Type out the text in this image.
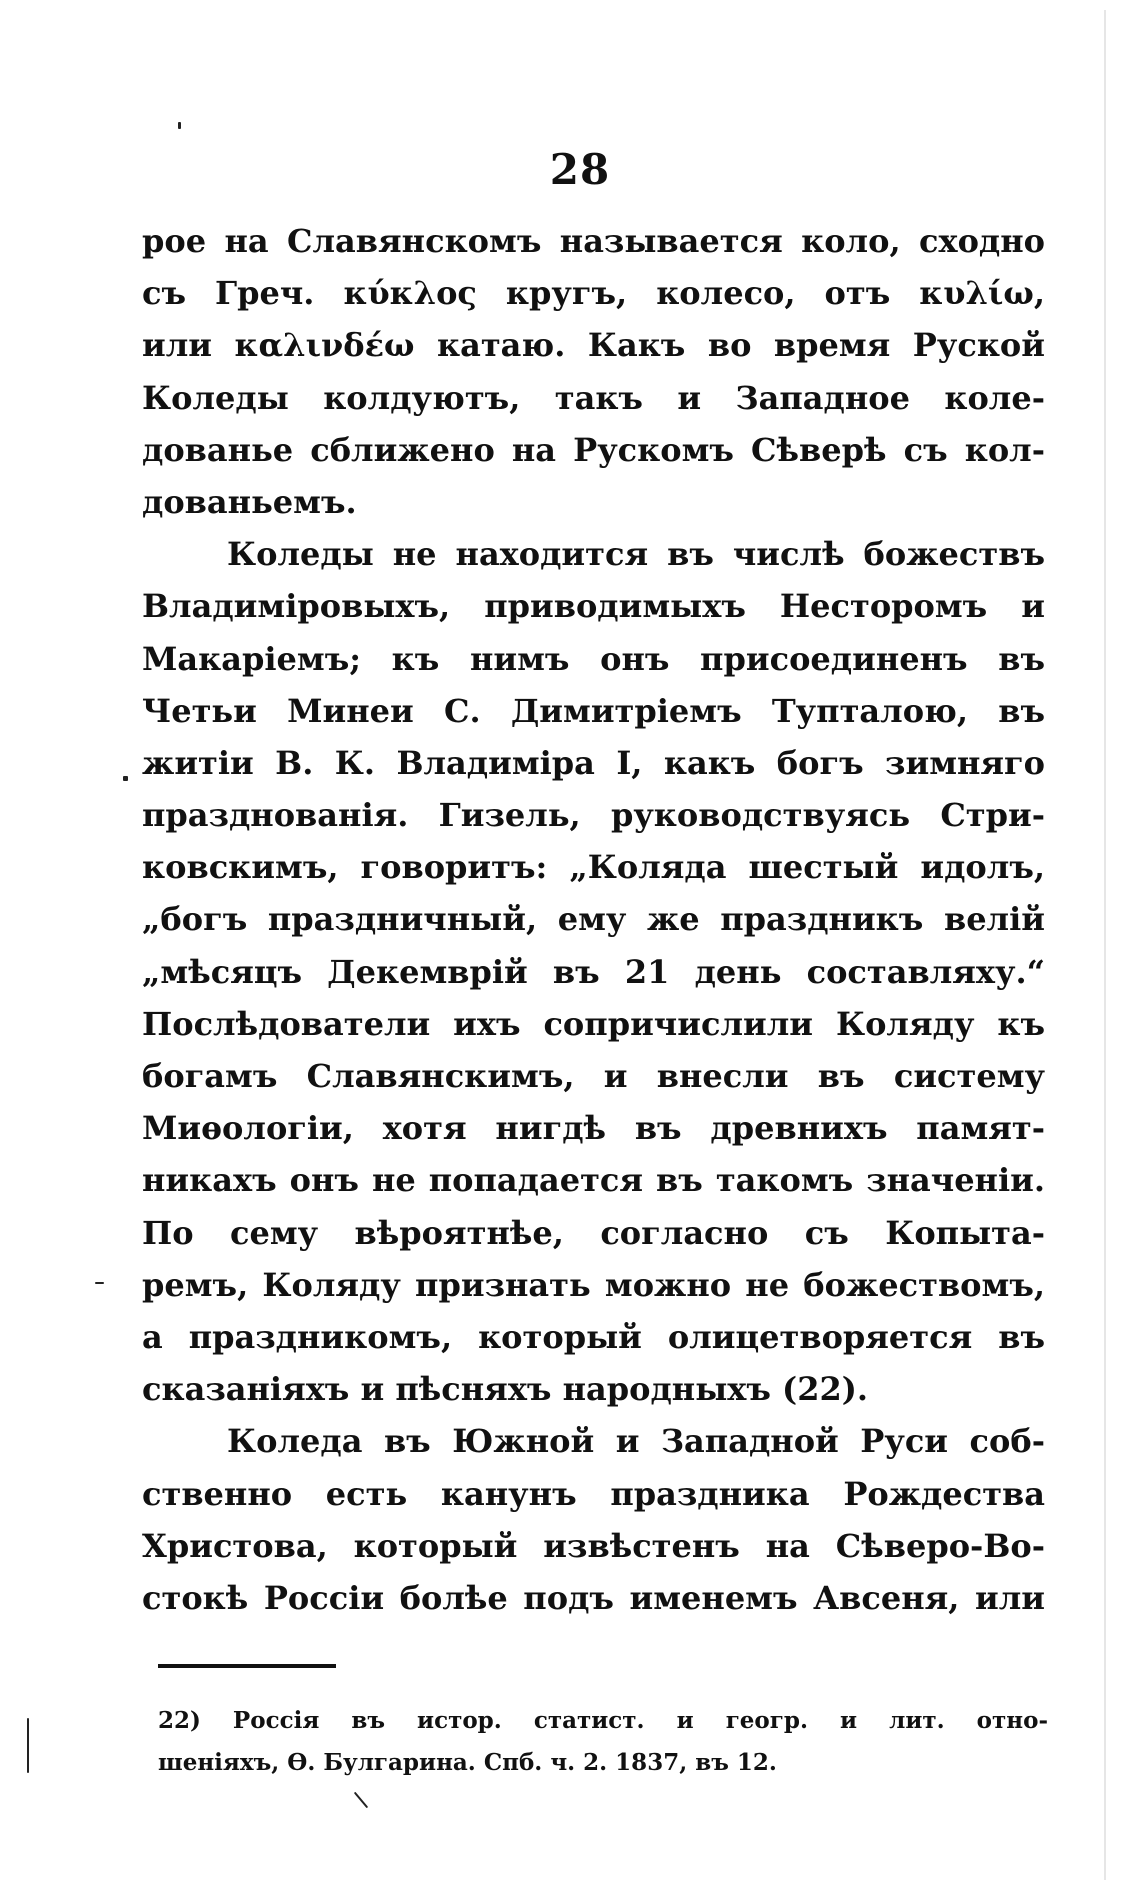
28
рое на Славянскомъ называется коло, сходно
съ Греч. κύκλος кругъ, колесо, отъ κυλίω,
или καλινδέω катаю. Какъ во время Руской
Коледы колдуютъ, такъ и Западное коле-
дованье сближено на Рускомъ Сѣверѣ съ кол-
дованьемъ.
Коледы не находится въ числѣ божествъ
Владиміровыхъ, приводимыхъ Несторомъ и
Макаріемъ; къ нимъ онъ присоединенъ въ
Четьи Минеи С. Димитріемъ Тупталою, въ
житіи В. К. Владиміра I, какъ богъ зимняго
празднованія. Гизель, руководствуясь Стри-
ковскимъ, говоритъ: „Коляда шестый идолъ,
„богъ праздничный, ему же праздникъ велій
„мѣсяцъ Декемврій въ 21 день составляху.“
Послѣдователи ихъ сопричислили Коляду къ
богамъ Славянскимъ, и внесли въ систему
Миѳологіи, хотя нигдѣ въ древнихъ памят-
никахъ онъ не попадается въ такомъ значеніи.
По сему вѣроятнѣе, согласно съ Копыта-
ремъ, Коляду признать можно не божествомъ,
а праздникомъ, который олицетворяется въ
сказаніяхъ и пѣсняхъ народныхъ (22).
Коледа въ Южной и Западной Руси соб-
ственно есть канунъ праздника Рождества
Христова, который извѣстенъ на Сѣверо-Во-
стокѣ Россіи болѣе подъ именемъ Авсеня, или
22) Россія въ истор. статист. и геогр. и лит. отно-
шеніяхъ, Ѳ. Булгарина. Спб. ч. 2. 1837, въ 12.
